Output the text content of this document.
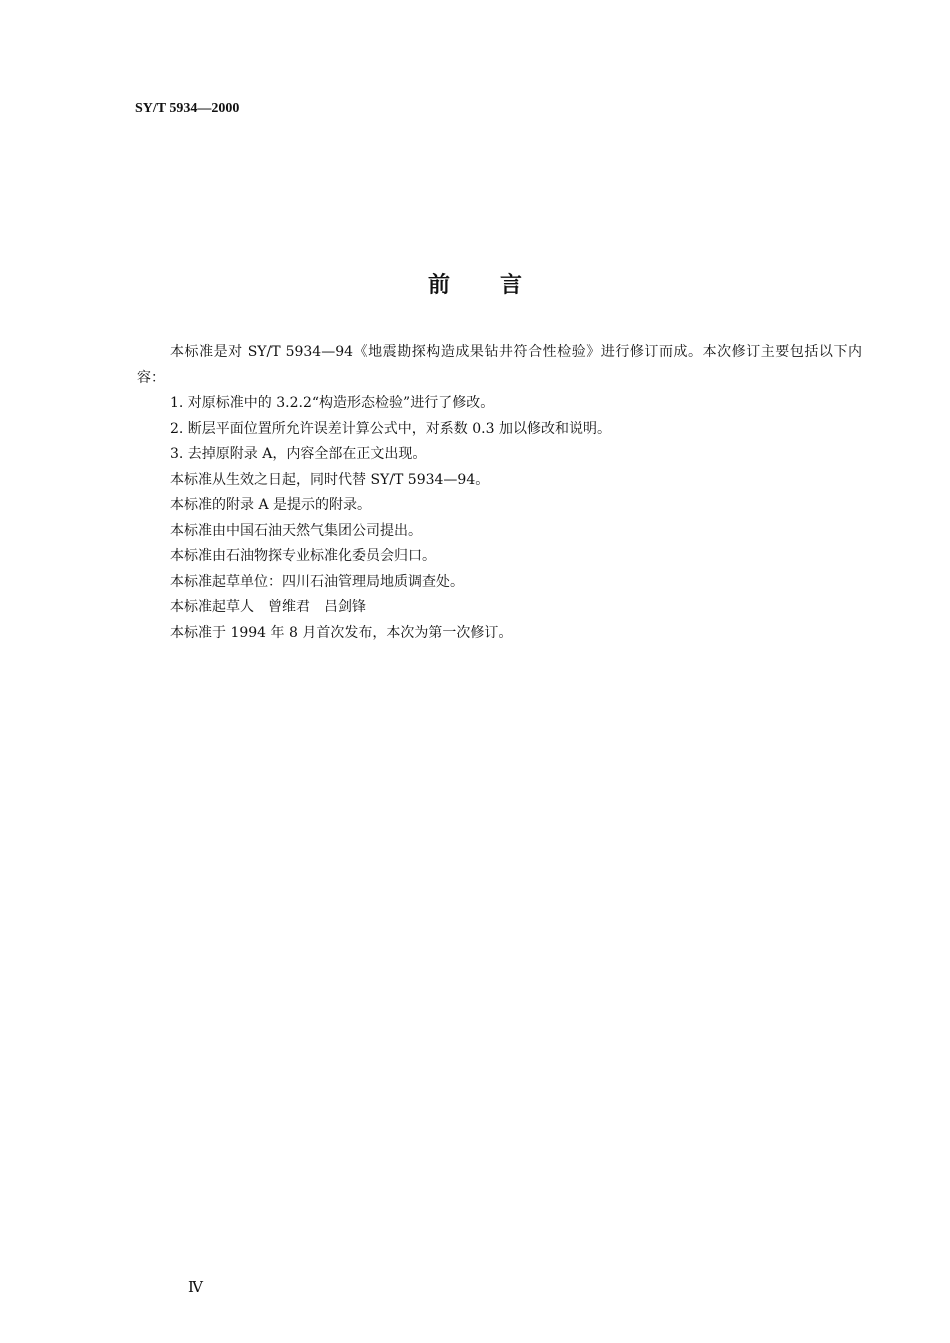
SY/T 5934—2000
前 言

本标准是对 SY/T 5934—94《地震勘探构造成果钻井符合性检验》进行修订而成。本次修订主要包括以下内容：

1. 对原标准中的 3.2.2“构造形态检验”进行了修改。

2. 断层平面位置所允许误差计算公式中，对系数 0.3 加以修改和说明。

3. 去掉原附录 A，内容全部在正文出现。

本标准从生效之日起，同时代替 SY/T 5934—94。

本标准的附录 A 是提示的附录。

本标准由中国石油天然气集团公司提出。

本标准由石油物探专业标准化委员会归口。

本标准起草单位：四川石油管理局地质调查处。

本标准起草人　曾维君　吕剑锋

本标准于 1994 年 8 月首次发布，本次为第一次修订。

Ⅳ
